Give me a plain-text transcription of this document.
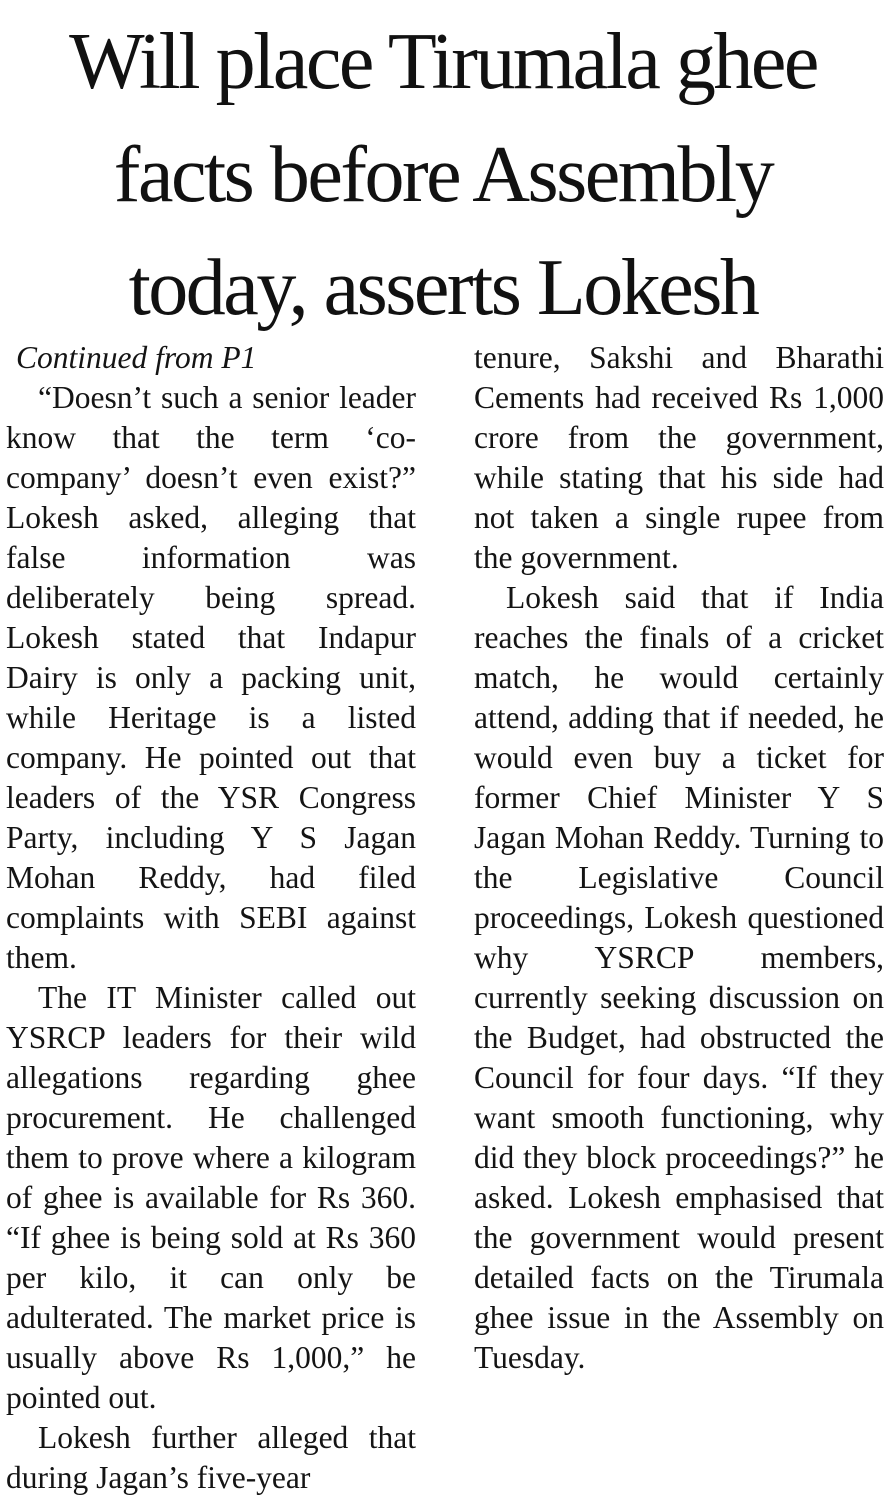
Will place Tirumala ghee
facts before Assembly
today, asserts Lokesh

Continued from P1

“Doesn’t such a senior leader know that the term ‘co-company’ doesn’t even exist?” Lokesh asked, alleging that false information was deliberately being spread. Lokesh stated that Indapur Dairy is only a packing unit, while Heritage is a listed company. He pointed out that leaders of the YSR Congress Party, including Y S Jagan Mohan Reddy, had filed complaints with SEBI against them.

The IT Minister called out YSRCP leaders for their wild allegations regarding ghee procurement. He challenged them to prove where a kilogram of ghee is available for Rs 360. “If ghee is being sold at Rs 360 per kilo, it can only be adulterated. The market price is usually above Rs 1,000,” he pointed out.

Lokesh further alleged that during Jagan’s five-year

tenure, Sakshi and Bharathi Cements had received Rs 1,000 crore from the government, while stating that his side had not taken a single rupee from the government.

Lokesh said that if India reaches the finals of a cricket match, he would certainly attend, adding that if needed, he would even buy a ticket for former Chief Minister Y S Jagan Mohan Reddy. Turning to the Legislative Council proceedings, Lokesh questioned why YSRCP members, currently seeking discussion on the Budget, had obstructed the Council for four days. “If they want smooth functioning, why did they block proceedings?” he asked. Lokesh emphasised that the government would present detailed facts on the Tirumala ghee issue in the Assembly on Tuesday.
